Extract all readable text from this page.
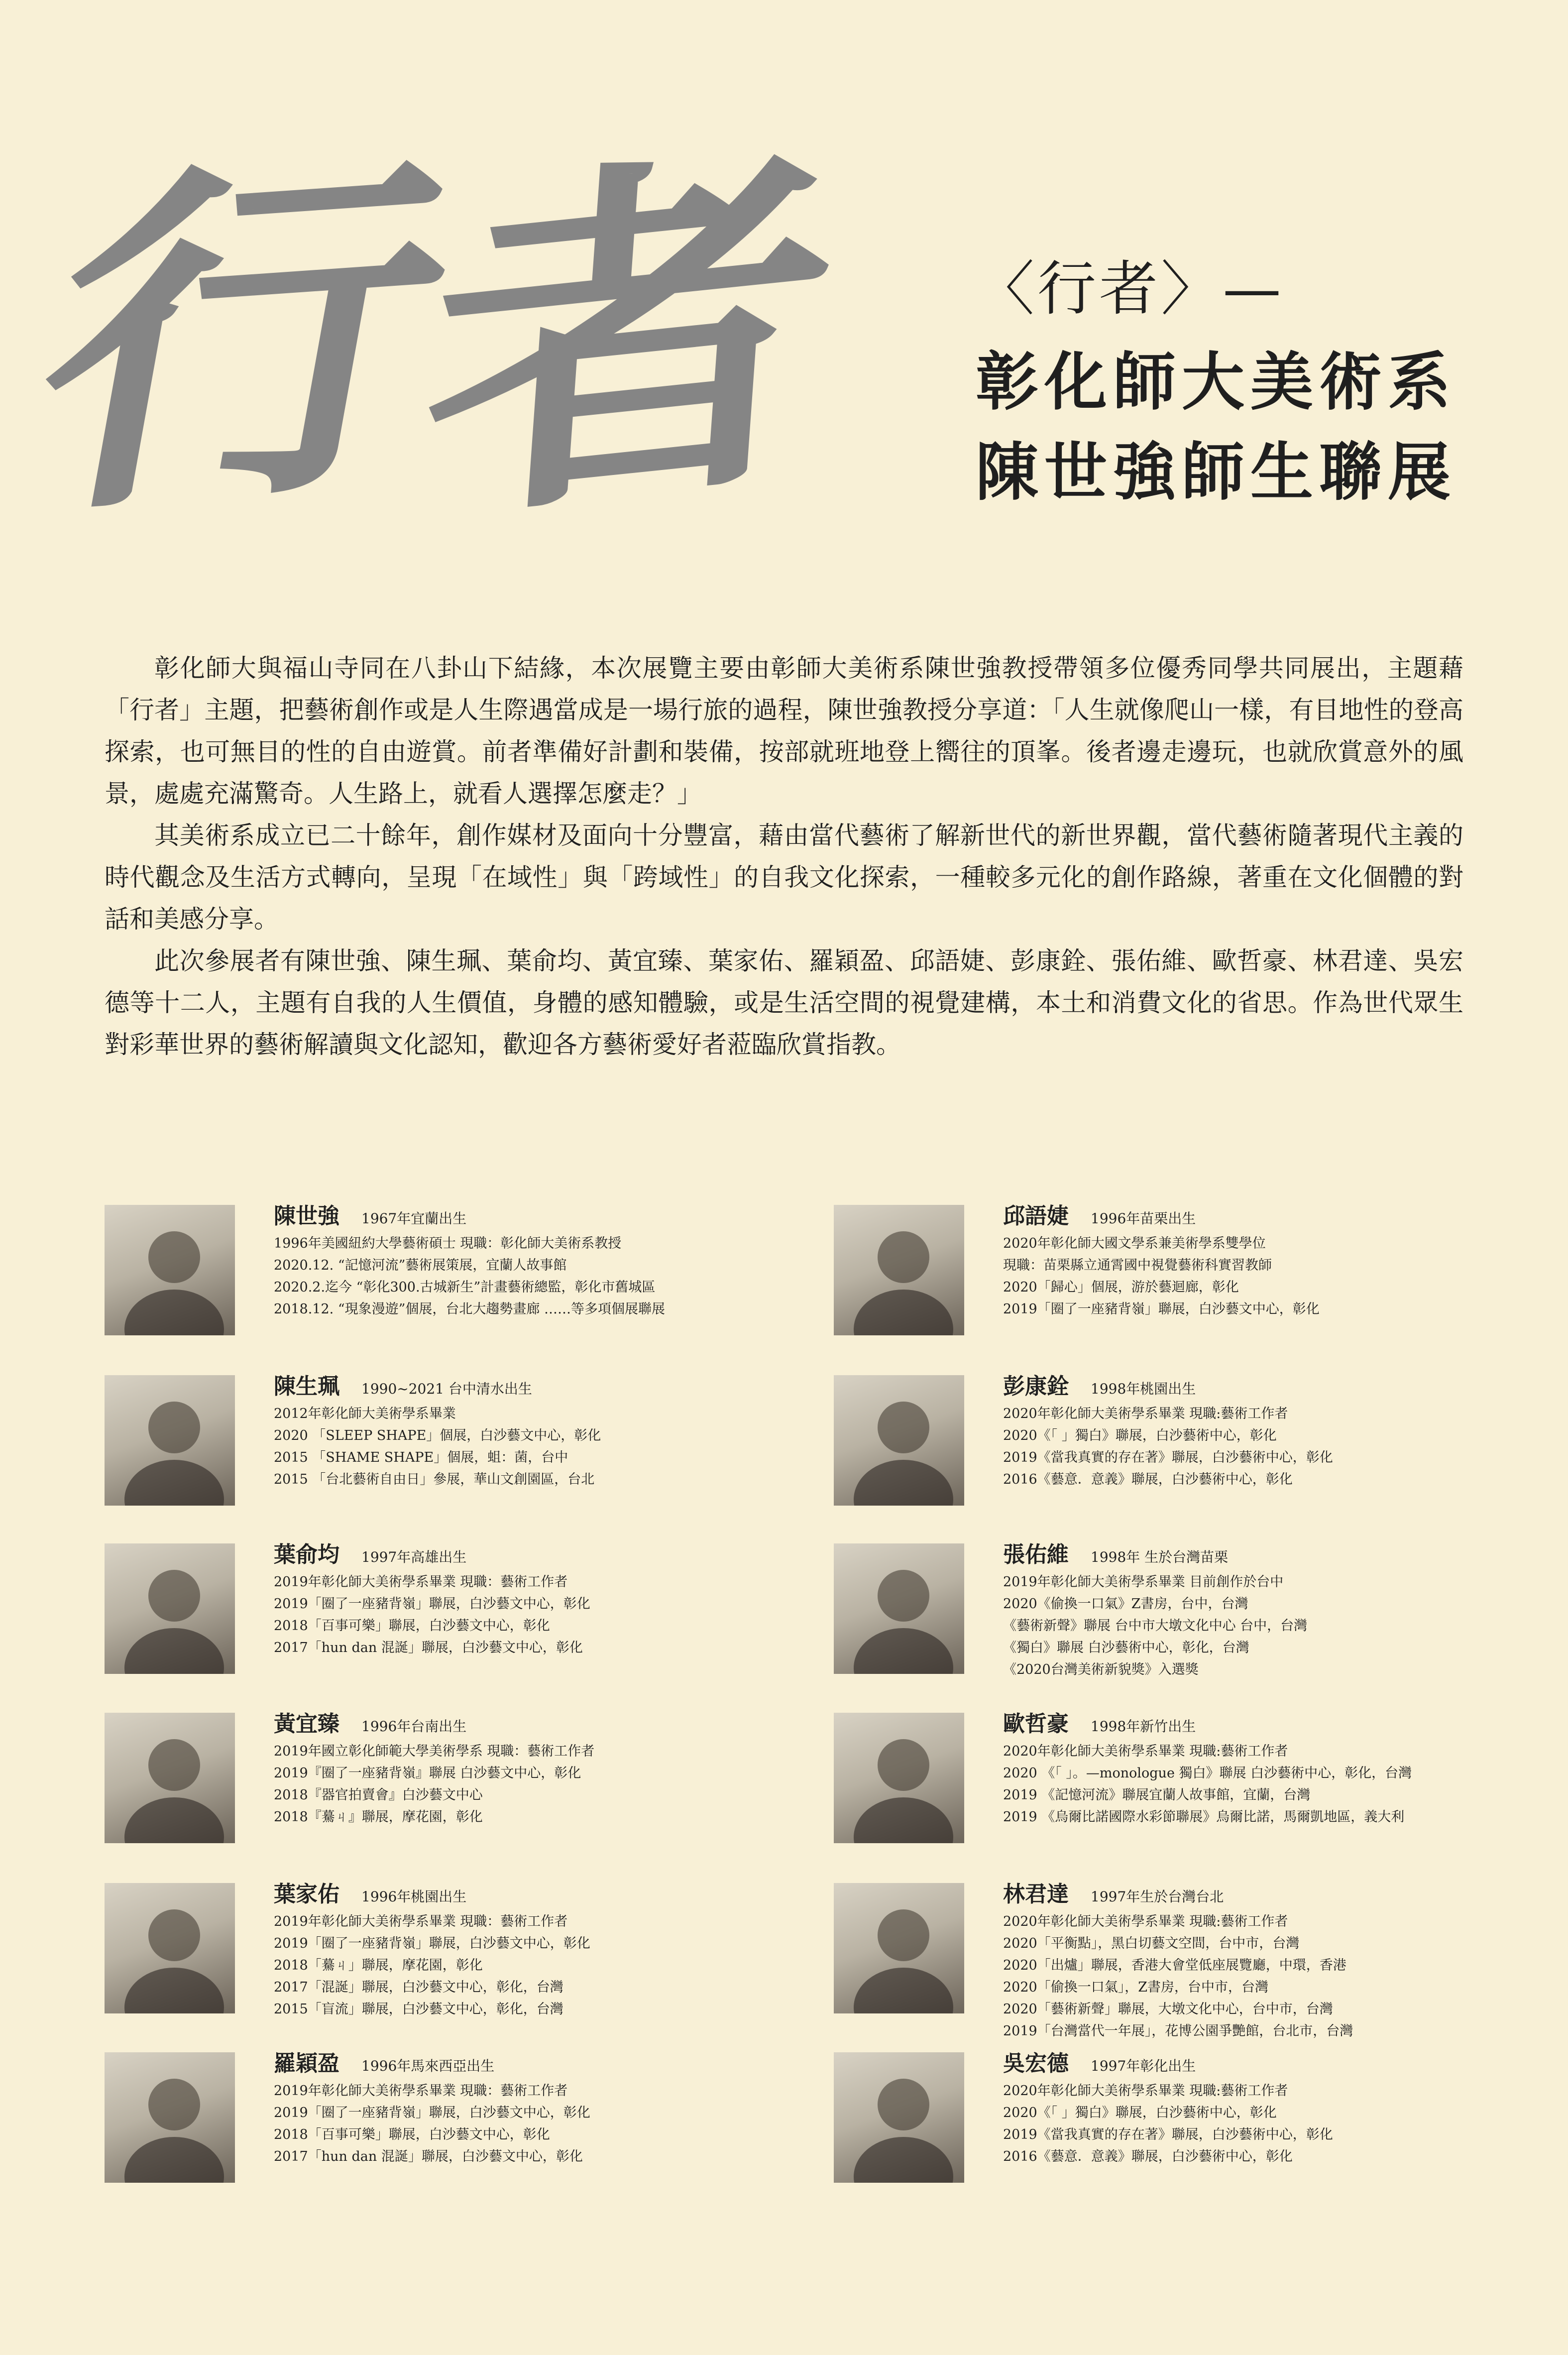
行
者 〈行者〉—
彰化師大美術系
陳世強師生聯展

彰化師大與福山寺同在八卦山下結緣，本次展覽主要由彰師大美術系陳世強教授帶領多位優秀同學共同展出，主題藉「行者」主題，把藝術創作或是人生際遇當成是一場行旅的過程，陳世強教授分享道：「人生就像爬山一樣，有目地性的登高探索，也可無目的性的自由遊賞。前者準備好計劃和裝備，按部就班地登上嚮往的頂峯。後者邊走邊玩，也就欣賞意外的風景，處處充滿驚奇。人生路上，就看人選擇怎麼走？」

其美術系成立已二十餘年，創作媒材及面向十分豐富，藉由當代藝術了解新世代的新世界觀，當代藝術隨著現代主義的時代觀念及生活方式轉向，呈現「在域性」與「跨域性」的自我文化探索，一種較多元化的創作路線，著重在文化個體的對話和美感分享。

此次參展者有陳世強、陳生珮、葉俞均、黃宜臻、葉家佑、羅穎盈、邱語婕、彭康銓、張佑維、歐哲豪、林君達、吳宏德等十二人，主題有自我的人生價值，身體的感知體驗，或是生活空間的視覺建構，本土和消費文化的省思。作為世代眾生對彩華世界的藝術解讀與文化認知，歡迎各方藝術愛好者蒞臨欣賞指教。

陳世強 1967年宜蘭出生
1996年美國紐約大學藝術碩士 現職：彰化師大美術系教授
2020.12. “記憶河流”藝術展策展，宜蘭人故事館
2020.2.迄今 “彰化300.古城新生”計畫藝術總監，彰化市舊城區
2018.12. “現象漫遊”個展，台北大趨勢畫廊 ……等多項個展聯展
陳生珮 1990~2021 台中清水出生
2012年彰化師大美術學系畢業
2020 「SLEEP SHAPE」個展，白沙藝文中心，彰化
2015 「SHAME SHAPE」個展，蛆：菌，台中
2015 「台北藝術自由日」參展，華山文創園區，台北
葉俞均 1997年高雄出生
2019年彰化師大美術學系畢業 現職：藝術工作者
2019「圈了一座豬背嶺」聯展，白沙藝文中心，彰化
2018「百事可樂」聯展，白沙藝文中心，彰化
2017「hun dan 混誕」聯展，白沙藝文中心，彰化
黃宜臻 1996年台南出生
2019年國立彰化師範大學美術學系 現職：藝術工作者
2019『圈了一座豬背嶺』聯展 白沙藝文中心，彰化
2018『器官拍賣會』白沙藝文中心
2018『驀ㄐ』聯展，摩花園，彰化
葉家佑 1996年桃園出生
2019年彰化師大美術學系畢業 現職：藝術工作者
2019「圈了一座豬背嶺」聯展，白沙藝文中心，彰化
2018「驀ㄐ」聯展，摩花園，彰化
2017「混誕」聯展，白沙藝文中心，彰化，台灣
2015「盲流」聯展，白沙藝文中心，彰化，台灣
羅穎盈 1996年馬來西亞出生
2019年彰化師大美術學系畢業 現職：藝術工作者
2019「圈了一座豬背嶺」聯展，白沙藝文中心，彰化
2018「百事可樂」聯展，白沙藝文中心，彰化
2017「hun dan 混誕」聯展，白沙藝文中心，彰化
邱語婕 1996年苗栗出生
2020年彰化師大國文學系兼美術學系雙學位
現職：苗栗縣立通霄國中視覺藝術科實習教師
2020「歸心」個展，游於藝迴廊，彰化
2019「圈了一座豬背嶺」聯展，白沙藝文中心，彰化
彭康銓 1998年桃園出生
2020年彰化師大美術學系畢業 現職:藝術工作者
2020《「 」獨白》聯展，白沙藝術中心，彰化
2019《當我真實的存在著》聯展，白沙藝術中心，彰化
2016《藝意．意義》聯展，白沙藝術中心，彰化
張佑維 1998年 生於台灣苗栗
2019年彰化師大美術學系畢業 目前創作於台中
2020《偷換一口氣》Z書房，台中，台灣
《藝術新聲》聯展 台中市大墩文化中心 台中，台灣
《獨白》聯展 白沙藝術中心，彰化，台灣
《2020台灣美術新貌獎》入選獎
歐哲豪 1998年新竹出生
2020年彰化師大美術學系畢業 現職:藝術工作者
2020 《「 」。—monologue 獨白》聯展 白沙藝術中心，彰化，台灣
2019 《記憶河流》聯展宜蘭人故事館，宜蘭，台灣
2019 《烏爾比諾國際水彩節聯展》烏爾比諾，馬爾凱地區，義大利
林君達 1997年生於台灣台北
2020年彰化師大美術學系畢業 現職:藝術工作者
2020「平衡點」，黑白切藝文空間，台中市，台灣
2020「出爐」聯展，香港大會堂低座展覽廳，中環，香港
2020「偷換一口氣」，Z書房，台中市，台灣
2020「藝術新聲」聯展，大墩文化中心，台中市，台灣
2019「台灣當代一年展」，花博公園爭艷館，台北市，台灣
吳宏德 1997年彰化出生
2020年彰化師大美術學系畢業 現職:藝術工作者
2020《「 」獨白》聯展，白沙藝術中心，彰化
2019《當我真實的存在著》聯展，白沙藝術中心，彰化
2016《藝意．意義》聯展，白沙藝術中心，彰化
